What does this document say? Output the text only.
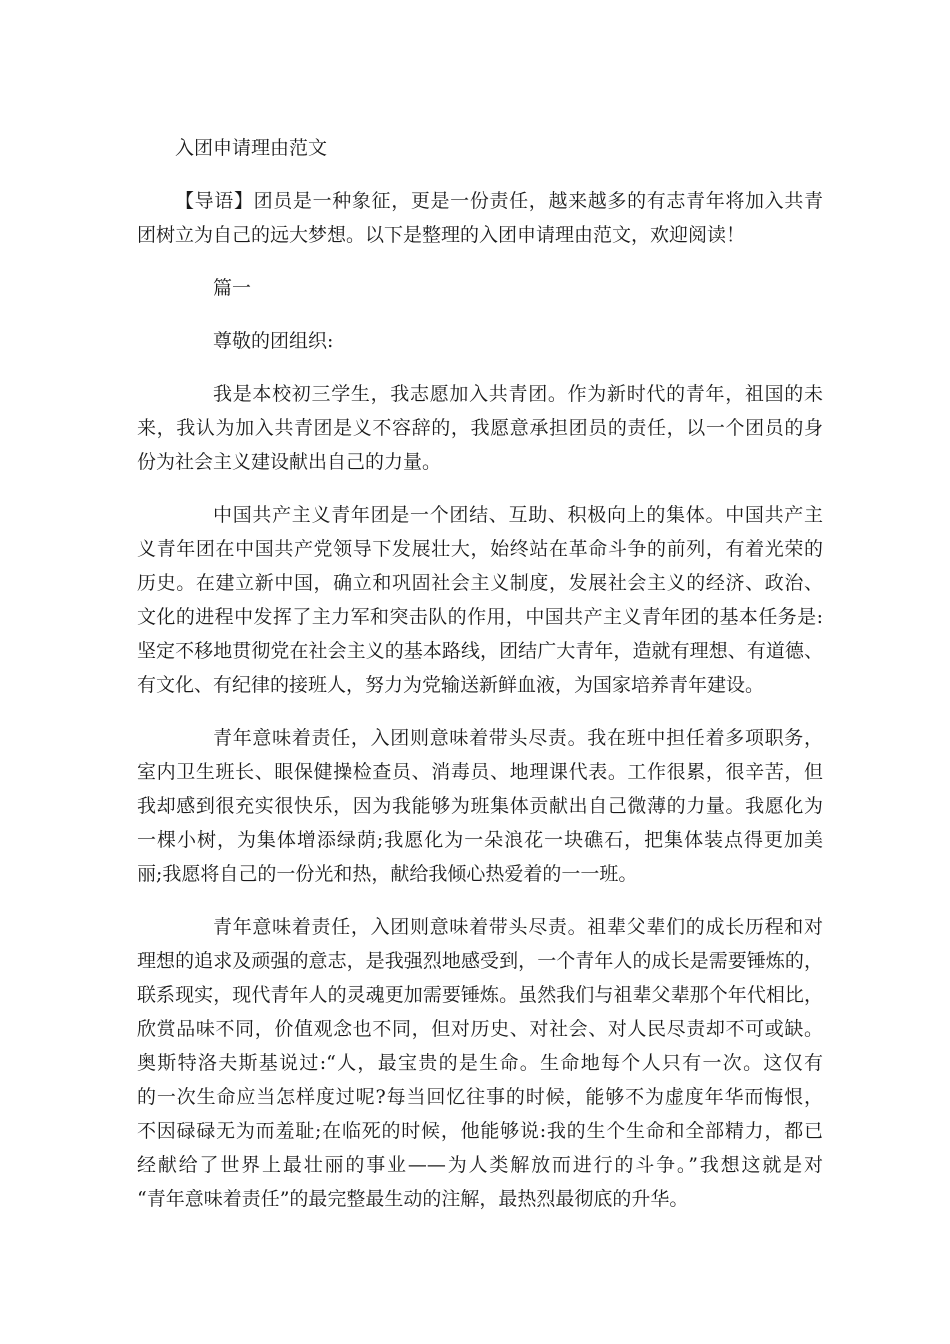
入团申请理由范文

【导语】团员是一种象征，更是一份责任，越来越多的有志青年将加入共青

团树立为自己的远大梦想。以下是整理的入团申请理由范文，欢迎阅读！

篇一

尊敬的团组织:

我是本校初三学生，我志愿加入共青团。作为新时代的青年，祖国的未

来，我认为加入共青团是义不容辞的，我愿意承担团员的责任，以一个团员的身

份为社会主义建设献出自己的力量。

中国共产主义青年团是一个团结、互助、积极向上的集体。中国共产主

义青年团在中国共产党领导下发展壮大，始终站在革命斗争的前列，有着光荣的

历史。在建立新中国，确立和巩固社会主义制度，发展社会主义的经济、政治、

文化的进程中发挥了主力军和突击队的作用，中国共产主义青年团的基本任务是:

坚定不移地贯彻党在社会主义的基本路线，团结广大青年，造就有理想、有道德、

有文化、有纪律的接班人，努力为党输送新鲜血液，为国家培养青年建设。

青年意味着责任，入团则意味着带头尽责。我在班中担任着多项职务，

室内卫生班长、眼保健操检查员、消毒员、地理课代表。工作很累，很辛苦，但

我却感到很充实很快乐，因为我能够为班集体贡献出自己微薄的力量。我愿化为

一棵小树，为集体增添绿荫;我愿化为一朵浪花一块礁石，把集体装点得更加美

丽;我愿将自己的一份光和热，献给我倾心热爱着的一一班。

青年意味着责任，入团则意味着带头尽责。祖辈父辈们的成长历程和对

理想的追求及顽强的意志，是我强烈地感受到，一个青年人的成长是需要锤炼的，

联系现实，现代青年人的灵魂更加需要锤炼。虽然我们与祖辈父辈那个年代相比，

欣赏品味不同，价值观念也不同，但对历史、对社会、对人民尽责却不可或缺。

奥斯特洛夫斯基说过:“人，最宝贵的是生命。生命地每个人只有一次。这仅有

的一次生命应当怎样度过呢?每当回忆往事的时候，能够不为虚度年华而悔恨，

不因碌碌无为而羞耻;在临死的时候，他能够说:我的生个生命和全部精力，都已

经献给了世界上最壮丽的事业——为人类解放而进行的斗争。”我想这就是对

“青年意味着责任”的最完整最生动的注解，最热烈最彻底的升华。
